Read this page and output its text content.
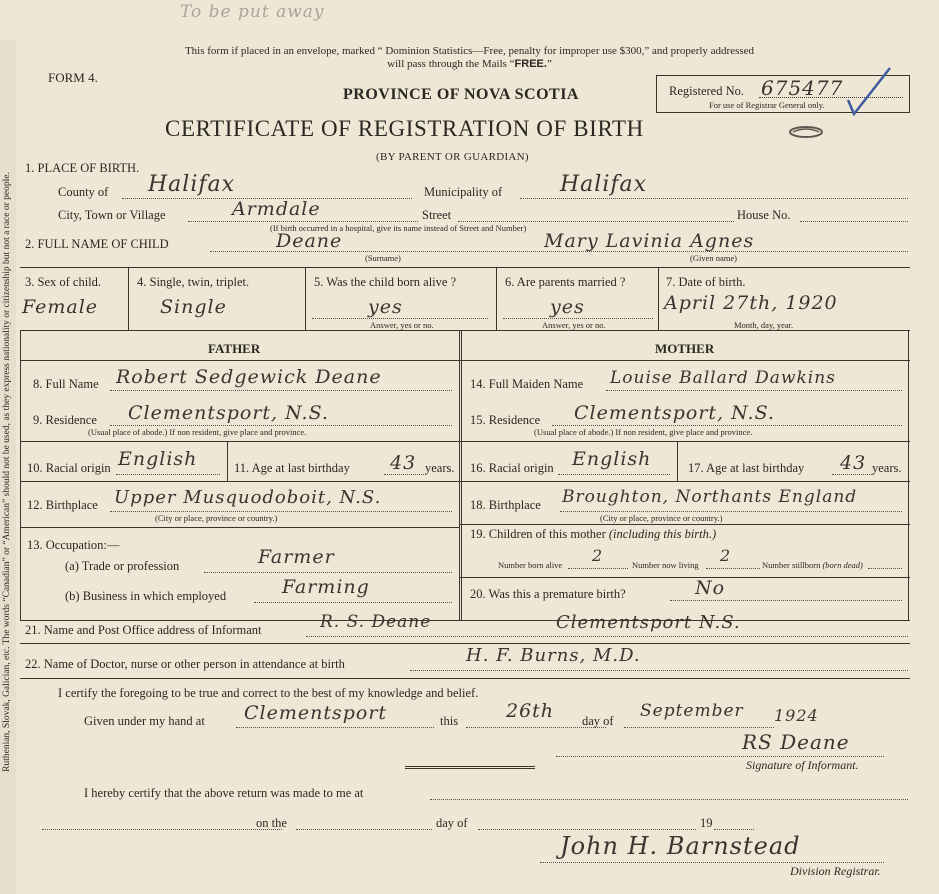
Ruthenian, Slovak, Galician, etc. The words “Canadian” or “American” should not be used, as they express nationality or citizenship but not a race or people.
To be put away
This form if placed in an envelope, marked “ Dominion Statistics—Free, penalty for improper use $300,” and properly addressed
will pass through the Mails “FREE.”
FORM 4.
PROVINCE OF NOVA SCOTIA	Registered No. 675477
For use of Registrar General only.
CERTIFICATE OF REGISTRATION OF BIRTH
(BY PARENT OR GUARDIAN)
1. PLACE OF BIRTH.
County of Halifax	Municipality of	Halifax
City, Town or Village	Armdale	Street	House No.
(If birth occurred in a hospital, give its name instead of Street and Number)
2. FULL NAME OF CHILD	Deane	Mary Lavinia Agnes
(Surname)	(Given name)
3. Sex of child.
Female
4. Single, twin, triplet.
Single
5. Was the child born alive ?
yes
Answer, yes or no.
6. Are parents married ?
yes
Answer, yes or no.
7. Date of birth.
April 27th, 1920
Month, day, year.
FATHER	MOTHER
8. Full Name Robert Sedgewick Deane
9. Residence Clementsport, N.S.
(Usual place of abode.) If non resident, give place and province.
10. Racial origin English	11. Age at last birthday 43 years.
12. Birthplace Upper Musquodoboit, N.S.
(City or place, province or country.)
13. Occupation:—
(a) Trade or profession	Farmer
(b) Business in which employed	Farming
14. Full Maiden Name Louise Ballard Dawkins
15. Residence Clementsport, N.S.
(Usual place of abode.) If non resident, give place and province.
16. Racial origin English	17. Age at last birthday 43 years.
18. Birthplace Broughton, Northants England
(City or place, province or country.)
19. Children of this mother (including this birth.)
Number born alive 2	Number now living 2	Number stillborn (born dead)
20. Was this a premature birth?	No
21. Name and Post Office address of Informant	R. S. Deane	Clementsport N.S.
22. Name of Doctor, nurse or other person in attendance at birth	H. F. Burns, M.D.
I certify the foregoing to be true and correct to the best of my knowledge and belief.
Given under my hand at Clementsport	this	26th day of September 1924
RS Deane
Signature of Informant.
I hereby certify that the above return was made to me at
on the	day of	19
John H. Barnstead
Division Registrar.
